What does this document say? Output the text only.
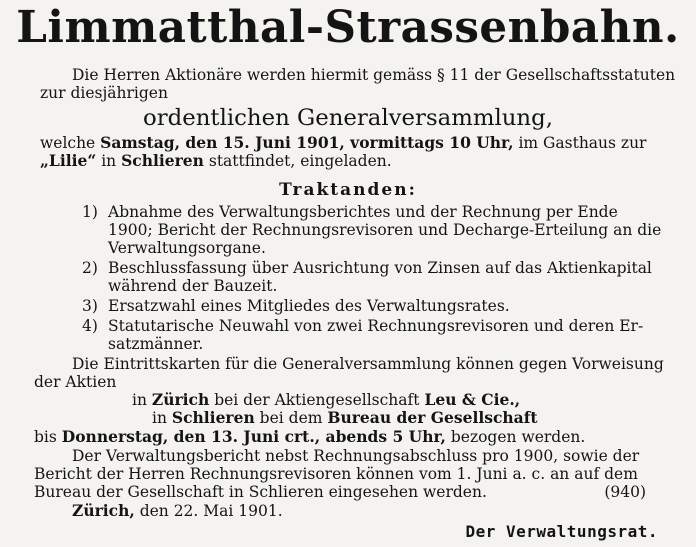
Limmatthal-Strassenbahn.
Die Herren Aktionäre werden hiermit gemäss § 11 der Gesellschaftsstatuten
zur diesjährigen
ordentlichen Generalversammlung,
welche Samstag, den 15. Juni 1901, vormittags 10 Uhr, im Gasthaus zur
„Lilie“ in Schlieren stattfindet, eingeladen.
Traktanden:
1) Abnahme des Verwaltungsberichtes und der Rechnung per Ende
1900; Bericht der Rechnungsrevisoren und Decharge-Erteilung an die
Verwaltungsorgane.
2) Beschlussfassung über Ausrichtung von Zinsen auf das Aktienkapital
während der Bauzeit.
3) Ersatzwahl eines Mitgliedes des Verwaltungsrates.
4) Statutarische Neuwahl von zwei Rechnungsrevisoren und deren Er-
satzmänner.
Die Eintrittskarten für die Generalversammlung können gegen Vorweisung
der Aktien
in Zürich bei der Aktiengesellschaft Leu & Cie.,
in Schlieren bei dem Bureau der Gesellschaft
bis Donnerstag, den 13. Juni crt., abends 5 Uhr, bezogen werden.
Der Verwaltungsbericht nebst Rechnungsabschluss pro 1900, sowie der
Bericht der Herren Rechnungsrevisoren können vom 1. Juni a. c. an auf dem
Bureau der Gesellschaft in Schlieren eingesehen werden.	(940)
Zürich, den 22. Mai 1901.
Der Verwaltungsrat.
